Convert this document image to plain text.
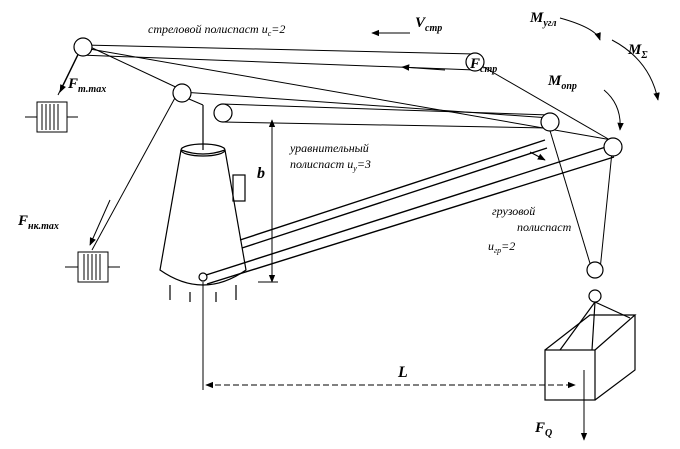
стреловой полиспаст $u_с=2$	$V_{стр}$
$M_{угл}$
$M_\Sigma$
$F_{стр}$
$M_{опр}$
$F_{т.max}$
$F_{нк.max}$
b
уравнительный
полиспаст $u_у=3$
грузовой
полиспаст
$u_{гр}=2$
L
$F_Q$
